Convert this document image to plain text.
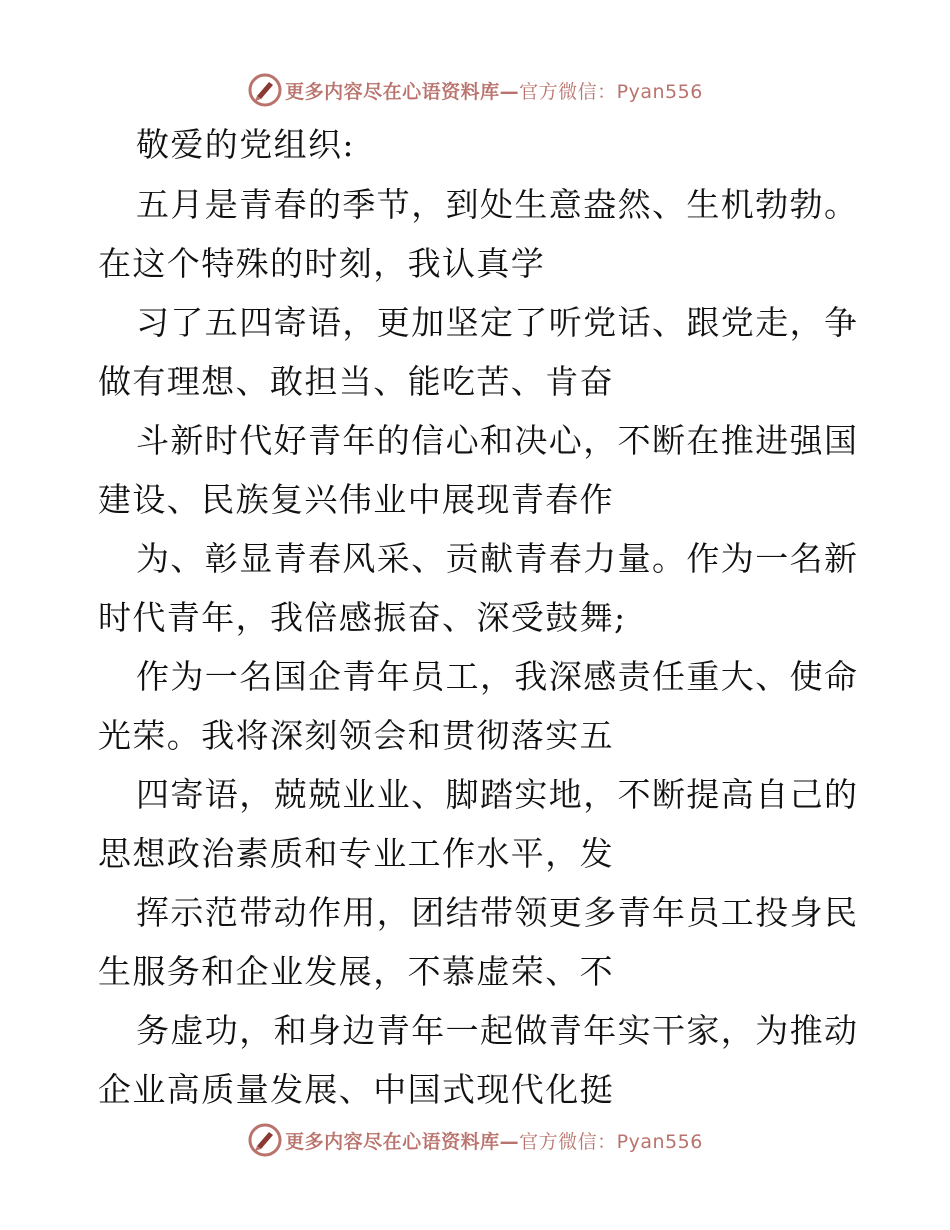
更多内容尽在心语资料库—官方微信：Pyan556
敬爱的党组织:
五月是青春的季节，到处生意盎然、生机勃勃。
在这个特殊的时刻，我认真学
习了五四寄语，更加坚定了听党话、跟党走，争
做有理想、敢担当、能吃苦、肯奋
斗新时代好青年的信心和决心，不断在推进强国
建设、民族复兴伟业中展现青春作
为、彰显青春风采、贡献青春力量。作为一名新
时代青年，我倍感振奋、深受鼓舞;
作为一名国企青年员工，我深感责任重大、使命
光荣。我将深刻领会和贯彻落实五
四寄语，兢兢业业、脚踏实地，不断提高自己的
思想政治素质和专业工作水平，发
挥示范带动作用，团结带领更多青年员工投身民
生服务和企业发展，不慕虚荣、不
务虚功，和身边青年一起做青年实干家，为推动
企业高质量发展、中国式现代化挺
更多内容尽在心语资料库—官方微信：Pyan556
